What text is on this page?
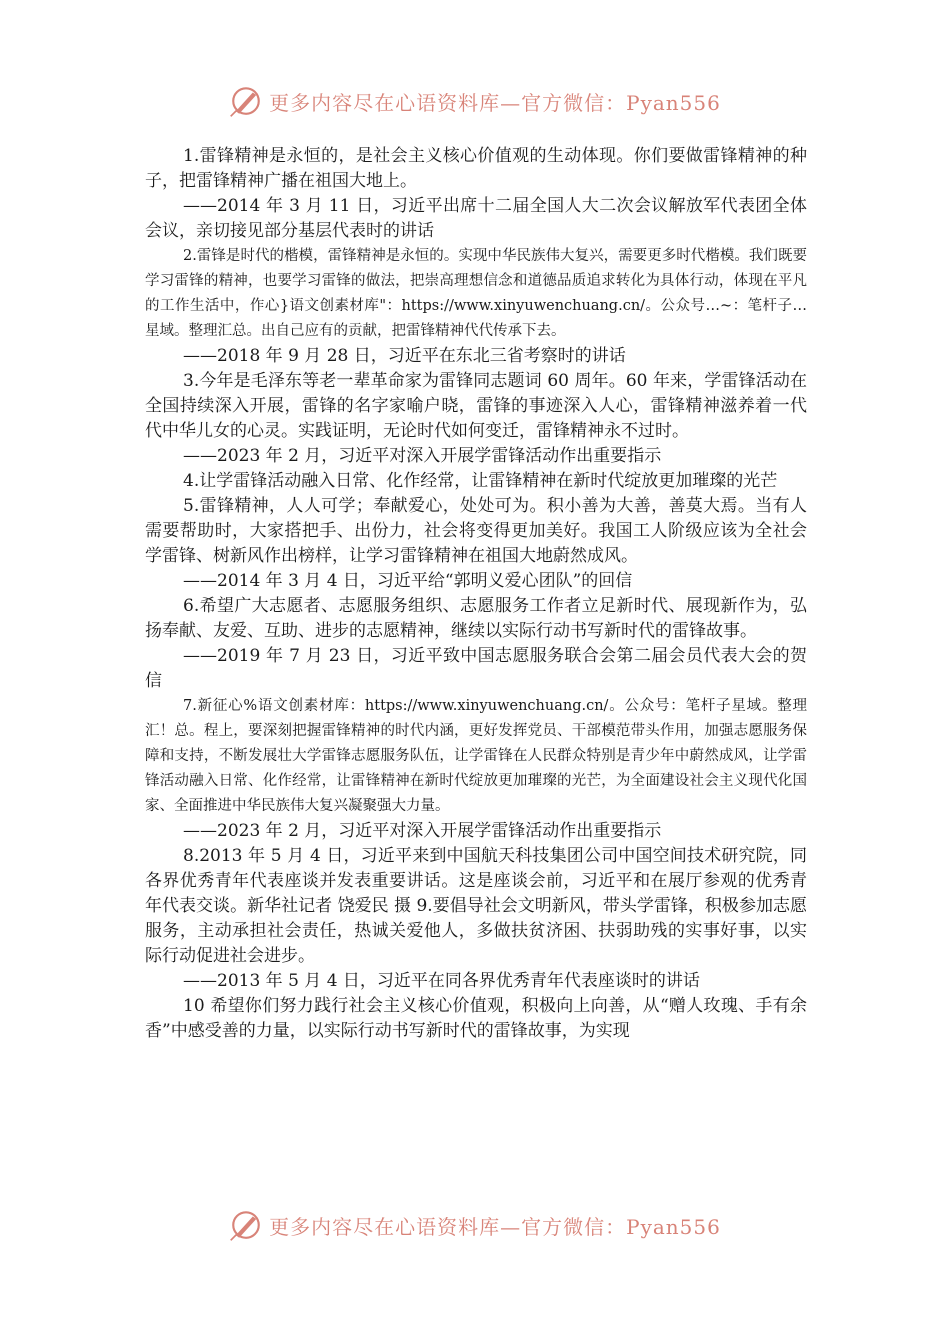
更多内容尽在心语资料库—官方微信：Pyan556

1.雷锋精神是永恒的，是社会主义核心价值观的生动体现。你们要做雷锋精神的种子，把雷锋精神广播在祖国大地上。

——2014 年 3 月 11 日，习近平出席十二届全国人大二次会议解放军代表团全体会议，亲切接见部分基层代表时的讲话

2.雷锋是时代的楷模，雷锋精神是永恒的。实现中华民族伟大复兴，需要更多时代楷模。我们既要学习雷锋的精神，也要学习雷锋的做法，把崇高理想信念和道德品质追求转化为具体行动，体现在平凡的工作生活中，作心}语文创素材库"：https://www.xinyuwenchuang.cn/。公众号…~：笔杆子…星域。整理汇总。出自己应有的贡献，把雷锋精神代代传承下去。

——2018 年 9 月 28 日，习近平在东北三省考察时的讲话

3.今年是毛泽东等老一辈革命家为雷锋同志题词 60 周年。60 年来，学雷锋活动在全国持续深入开展，雷锋的名字家喻户晓，雷锋的事迹深入人心，雷锋精神滋养着一代代中华儿女的心灵。实践证明，无论时代如何变迁，雷锋精神永不过时。

——2023 年 2 月，习近平对深入开展学雷锋活动作出重要指示

4.让学雷锋活动融入日常、化作经常，让雷锋精神在新时代绽放更加璀璨的光芒

5.雷锋精神，人人可学；奉献爱心，处处可为。积小善为大善，善莫大焉。当有人需要帮助时，大家搭把手、出份力，社会将变得更加美好。我国工人阶级应该为全社会学雷锋、树新风作出榜样，让学习雷锋精神在祖国大地蔚然成风。

——2014 年 3 月 4 日，习近平给“郭明义爱心团队”的回信

6.希望广大志愿者、志愿服务组织、志愿服务工作者立足新时代、展现新作为，弘扬奉献、友爱、互助、进步的志愿精神，继续以实际行动书写新时代的雷锋故事。

——2019 年 7 月 23 日，习近平致中国志愿服务联合会第二届会员代表大会的贺信

7.新征心%语文创素材库：https://www.xinyuwenchuang.cn/。公众号：笔杆子星域。整理汇！总。程上，要深刻把握雷锋精神的时代内涵，更好发挥党员、干部模范带头作用，加强志愿服务保障和支持，不断发展壮大学雷锋志愿服务队伍，让学雷锋在人民群众特别是青少年中蔚然成风，让学雷锋活动融入日常、化作经常，让雷锋精神在新时代绽放更加璀璨的光芒，为全面建设社会主义现代化国家、全面推进中华民族伟大复兴凝聚强大力量。

——2023 年 2 月，习近平对深入开展学雷锋活动作出重要指示

8.2013 年 5 月 4 日，习近平来到中国航天科技集团公司中国空间技术研究院，同各界优秀青年代表座谈并发表重要讲话。这是座谈会前，习近平和在展厅参观的优秀青年代表交谈。新华社记者 饶爱民 摄 9.要倡导社会文明新风，带头学雷锋，积极参加志愿服务，主动承担社会责任，热诚关爱他人，多做扶贫济困、扶弱助残的实事好事，以实际行动促进社会进步。

——2013 年 5 月 4 日，习近平在同各界优秀青年代表座谈时的讲话

10 希望你们努力践行社会主义核心价值观，积极向上向善，从“赠人玫瑰、手有余香”中感受善的力量，以实际行动书写新时代的雷锋故事，为实现

更多内容尽在心语资料库—官方微信：Pyan556
